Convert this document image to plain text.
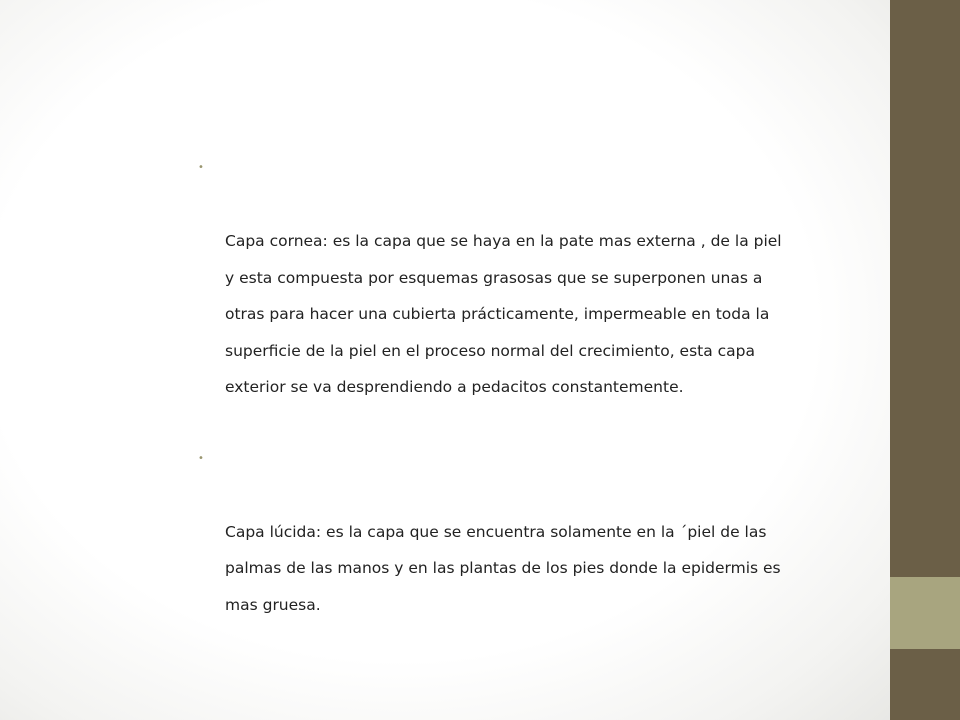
•

Capa cornea: es la capa que se haya en la pate mas externa , de la piel
y esta compuesta por esquemas grasosas que se superponen unas a
otras para hacer una cubierta prácticamente, impermeable en toda la
superficie de la piel en el proceso normal del crecimiento, esta capa
exterior se va desprendiendo a pedacitos constantemente.

•

Capa lúcida: es la capa que se encuentra solamente en la ´piel de las
palmas de las manos y en las plantas de los pies donde la epidermis es
mas gruesa.
